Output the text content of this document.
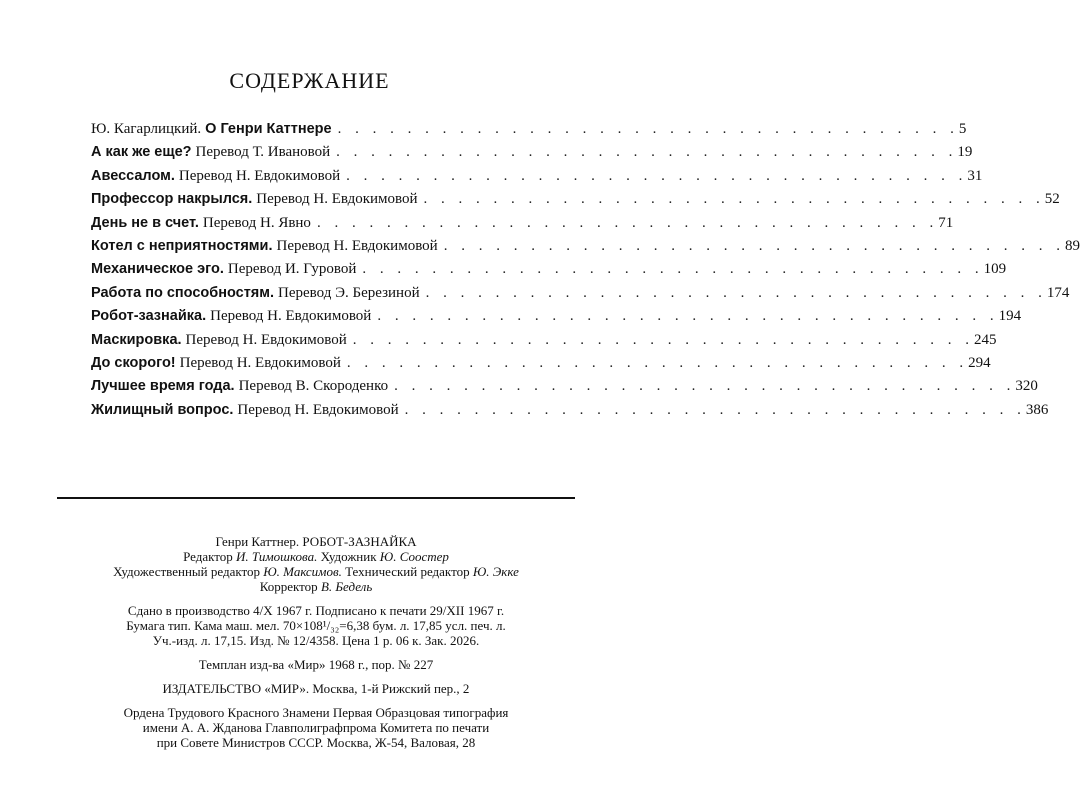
СОДЕРЖАНИЕ
Ю. Кагарлицкий. О Генри Каттнере . . . . . . . . . . . . . . . . . . . . . . . . . . . . . . . . . . . . 5
А как же еще? Перевод Т. Ивановой . . . . . . . . . . . . . . . . . . . . . . . . . . . . . . . . . . . . 19
Авессалом. Перевод Н. Евдокимовой . . . . . . . . . . . . . . . . . . . . . . . . . . . . . . . . . . . . 31
Профессор накрылся. Перевод Н. Евдокимовой . . . . . . . . . . . . . . . . . . . . . . . . . . . . . . . . . . . . 52
День не в счет. Перевод Н. Явно . . . . . . . . . . . . . . . . . . . . . . . . . . . . . . . . . . . . 71
Котел с неприятностями. Перевод Н. Евдокимовой . . . . . . . . . . . . . . . . . . . . . . . . . . . . . . . . . . . . 89
Механическое эго. Перевод И. Гуровой . . . . . . . . . . . . . . . . . . . . . . . . . . . . . . . . . . . . 109
Работа по способностям. Перевод Э. Березиной . . . . . . . . . . . . . . . . . . . . . . . . . . . . . . . . . . . . 174
Робот-зазнайка. Перевод Н. Евдокимовой . . . . . . . . . . . . . . . . . . . . . . . . . . . . . . . . . . . . 194
Маскировка. Перевод Н. Евдокимовой . . . . . . . . . . . . . . . . . . . . . . . . . . . . . . . . . . . . 245
До скорого! Перевод Н. Евдокимовой . . . . . . . . . . . . . . . . . . . . . . . . . . . . . . . . . . . . 294
Лучшее время года. Перевод В. Скороденко . . . . . . . . . . . . . . . . . . . . . . . . . . . . . . . . . . . . 320
Жилищный вопрос. Перевод Н. Евдокимовой . . . . . . . . . . . . . . . . . . . . . . . . . . . . . . . . . . . . 386
Генри Каттнер. РОБОТ-ЗАЗНАЙКА
Редактор И. Тимошкова. Художник Ю. Соостер
Художественный редактор Ю. Максимов. Технический редактор Ю. Экке
Корректор В. Бедель
Сдано в производство 4/X 1967 г. Подписано к печати 29/XII 1967 г.
Бумага тип. Кама маш. мел. 70×108¹/₃₂=6,38 бум. л. 17,85 усл. печ. л.
Уч.-изд. л. 17,15. Изд. № 12/4358. Цена 1 р. 06 к. Зак. 2026.
Темплан изд-ва «Мир» 1968 г., пор. № 227
ИЗДАТЕЛЬСТВО «МИР». Москва, 1-й Рижский пер., 2
Ордена Трудового Красного Знамени Первая Образцовая типография
имени А. А. Жданова Главполиграфпрома Комитета по печати
при Совете Министров СССР. Москва, Ж-54, Валовая, 28
